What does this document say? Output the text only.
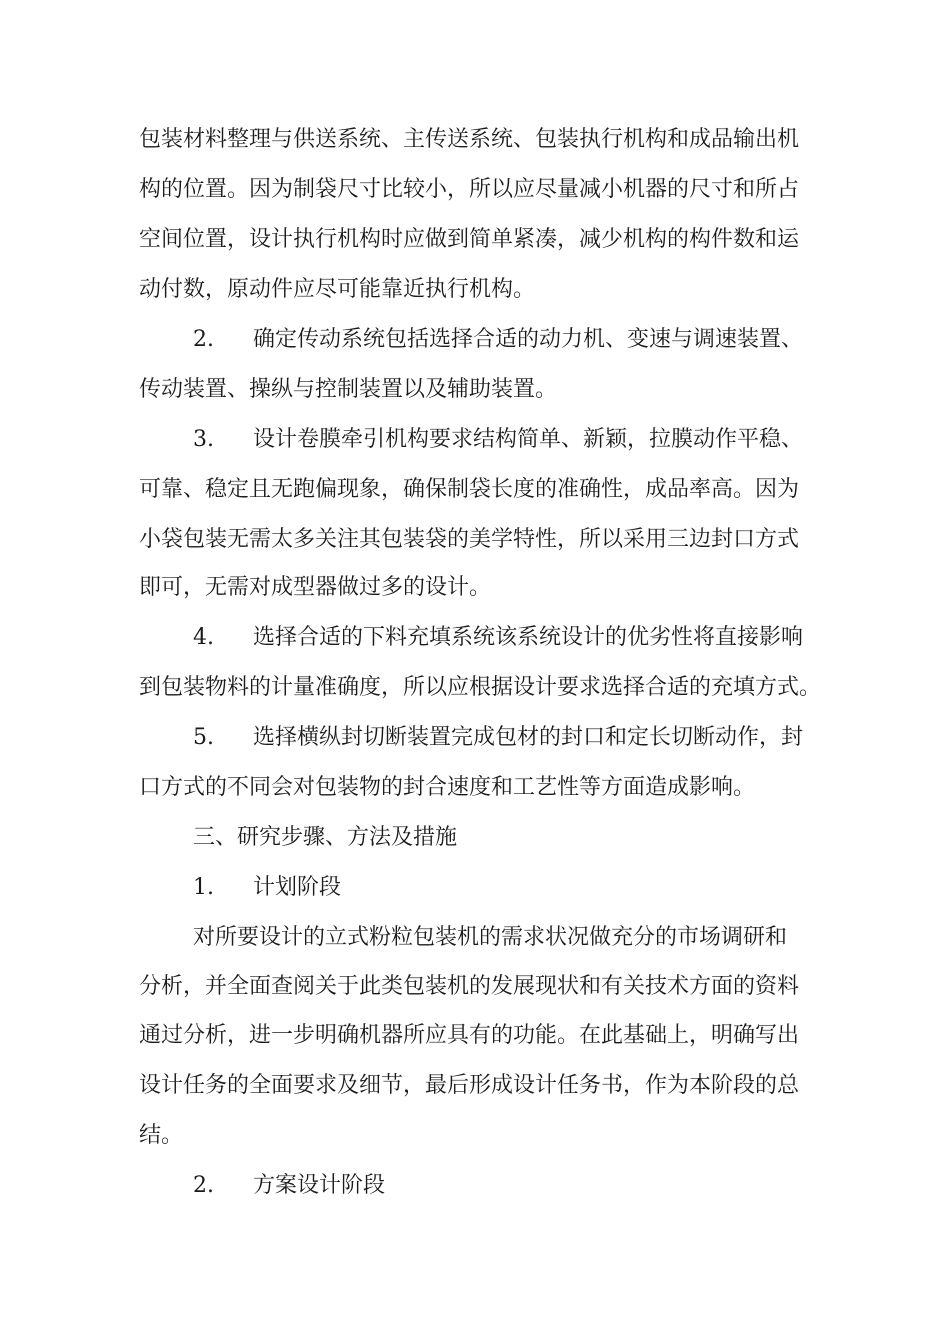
包装材料整理与供送系统、主传送系统、包装执行机构和成品输出机
构的位置。因为制袋尺寸比较小，所以应尽量减小机器的尺寸和所占
空间位置，设计执行机构时应做到简单紧凑，减少机构的构件数和运
动付数，原动件应尽可能靠近执行机构。
2. 确定传动系统包括选择合适的动力机、变速与调速装置、
传动装置、操纵与控制装置以及辅助装置。
3. 设计卷膜牵引机构要求结构简单、新颖，拉膜动作平稳、
可靠、稳定且无跑偏现象，确保制袋长度的准确性，成品率高。因为
小袋包装无需太多关注其包装袋的美学特性，所以采用三边封口方式
即可，无需对成型器做过多的设计。
4. 选择合适的下料充填系统该系统设计的优劣性将直接影响
到包装物料的计量准确度，所以应根据设计要求选择合适的充填方式。
5. 选择横纵封切断装置完成包材的封口和定长切断动作，封
口方式的不同会对包装物的封合速度和工艺性等方面造成影响。
三、研究步骤、方法及措施
1. 计划阶段
对所要设计的立式粉粒包装机的需求状况做充分的市场调研和
分析，并全面查阅关于此类包装机的发展现状和有关技术方面的资料
通过分析，进一步明确机器所应具有的功能。在此基础上，明确写出
设计任务的全面要求及细节，最后形成设计任务书，作为本阶段的总
结。
2. 方案设计阶段
